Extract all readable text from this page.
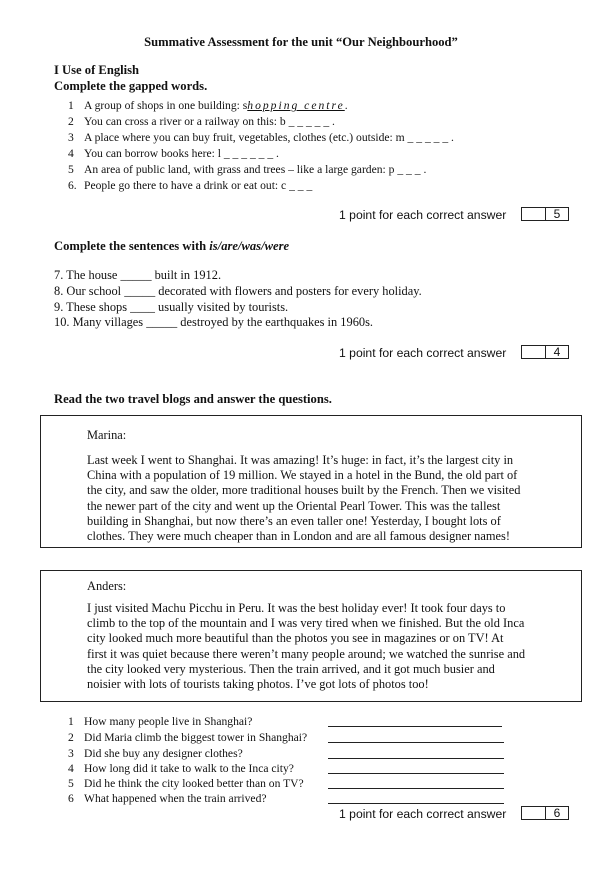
Summative Assessment for the unit “Our Neighbourhood”
I Use of English
Complete the gapped words.
1 A group of shops in one building: shopping centre.
2 You can cross a river or a railway on this: b _ _ _ _ _ .
3 A place where you can buy fruit, vegetables, clothes (etc.) outside: m _ _ _ _ _ .
4 You can borrow books here: l _ _ _ _ _ _ .
5 An area of public land, with grass and trees – like a large garden: p _ _ _ .
6. People go there to have a drink or eat out: c _ _ _
1 point for each correct answer	5
Complete the sentences with is/are/was/were
7. The house _____ built in 1912.
8. Our school _____ decorated with flowers and posters for every holiday.
9. These shops ____ usually visited by tourists.
10. Many villages _____ destroyed by the earthquakes in 1960s.
1 point for each correct answer	4
Read the two travel blogs and answer the questions.
Marina:
Last week I went to Shanghai. It was amazing! It’s huge: in fact, it’s the largest city in
China with a population of 19 million. We stayed in a hotel in the Bund, the old part of
the city, and saw the older, more traditional houses built by the French. Then we visited
the newer part of the city and went up the Oriental Pearl Tower. This was the tallest
building in Shanghai, but now there’s an even taller one! Yesterday, I bought lots of
clothes. They were much cheaper than in London and are all famous designer names!
Anders:
I just visited Machu Picchu in Peru. It was the best holiday ever! It took four days to
climb to the top of the mountain and I was very tired when we finished. But the old Inca
city looked much more beautiful than the photos you see in magazines or on TV! At
first it was quiet because there weren’t many people around; we watched the sunrise and
the city looked very mysterious. Then the train arrived, and it got much busier and
noisier with lots of tourists taking photos. I’ve got lots of photos too!
1 How many people live in Shanghai?
2 Did Maria climb the biggest tower in Shanghai?
3 Did she buy any designer clothes?
4 How long did it take to walk to the Inca city?
5 Did he think the city looked better than on TV?
6 What happened when the train arrived?
1 point for each correct answer	6
